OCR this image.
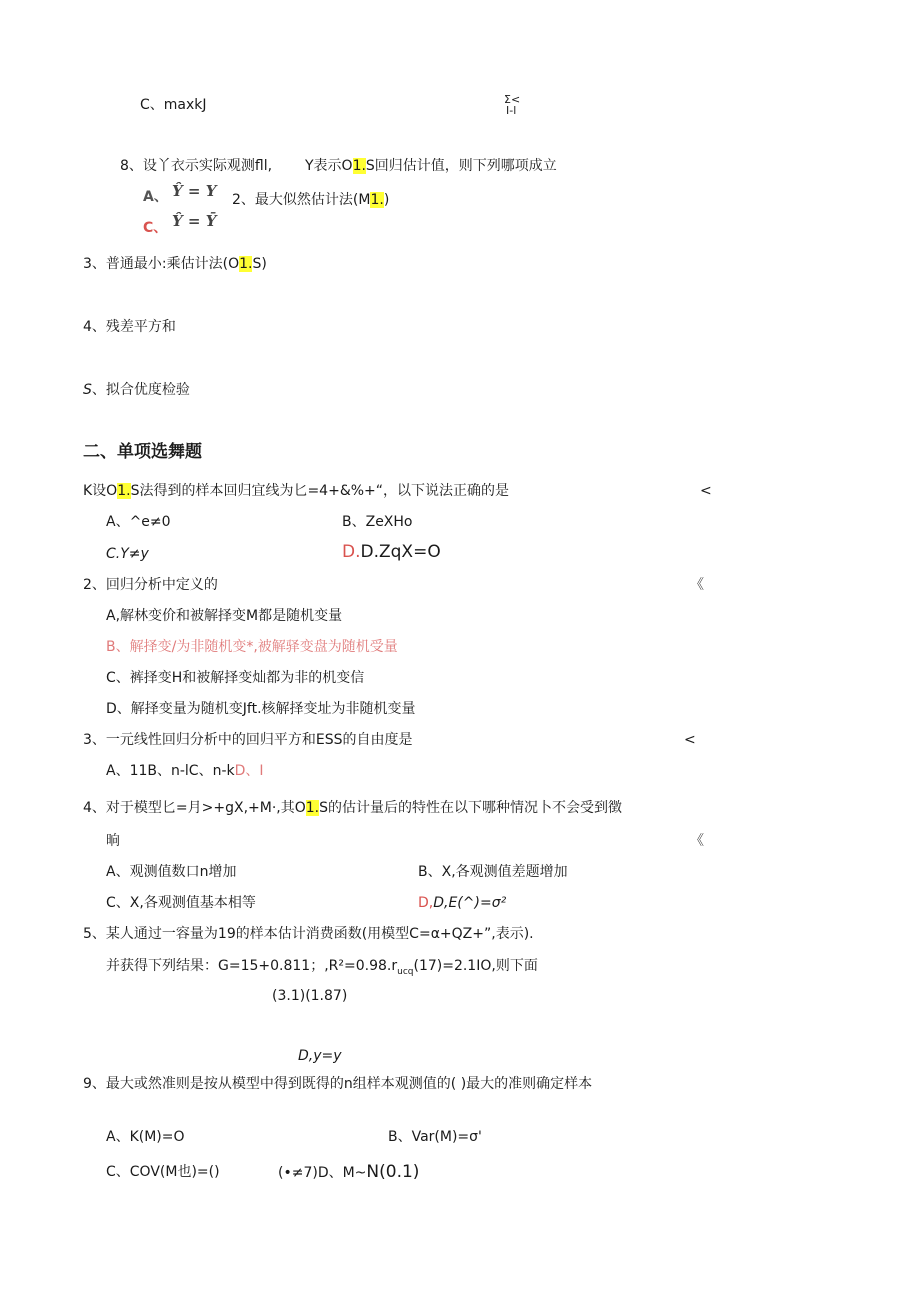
C、maxkJ	Σ<
I-l
8、设丫衣示实际观测fll, Y表示O1.S回归估计值，则下列哪项成立
A、 Ŷ = Y
C、 Ŷ = Ȳ
2、最大似然估计法(M1.)
3、普通最小:乘估计法(O1.S)
4、残差平方和
S、拟合优度检验
二、单项选舞题
K设O1.S法得到的样本回归宜线为匕=4+&%+“，以下说法正确的是	<
A、^e≠0	B、ZeXHo
C.Y≠y	D.D.ZqX=O
2、回归分析中定义的	《
A,解林变价和被解择变M都是随机变量
B、解择变/为非随机变*,被解驿变盘为随机受量
C、裤择变H和被解择变灿都为非的机变信
D、解择变量为随机变Jft.核解择变址为非随机变量
3、一元线性回归分析中的回归平方和ESS的自由度是	<
A、11B、n-lC、n-kD、I
4、对于模型匕=月>+gX,+M·,其O1.S的估计量后的特性在以下哪种情况卜不会受到徴
晌	《
A、观测值数口n增加	B、X,各观测值差题增加
C、X,各观测值基本相等	D,D,E(^)=σ²
5、某人通过一容量为19的样本估计消费函数(用模型C=α+QZ+”,表示).
并获得下列结果：G=15+0.811；$,R^2=0.98.r_{ucq}(17)=2.1IO$,则下面
(3.1)(1.87)
D,y=y
9、最大或然准则是按从模型中得到既得的n组样本观测值的( )最大的准则确定样本
A、K(M)=O	B、Var(M)=σ'
C、COV(M也)=()	(•≠7)D、M~N(0.1)
